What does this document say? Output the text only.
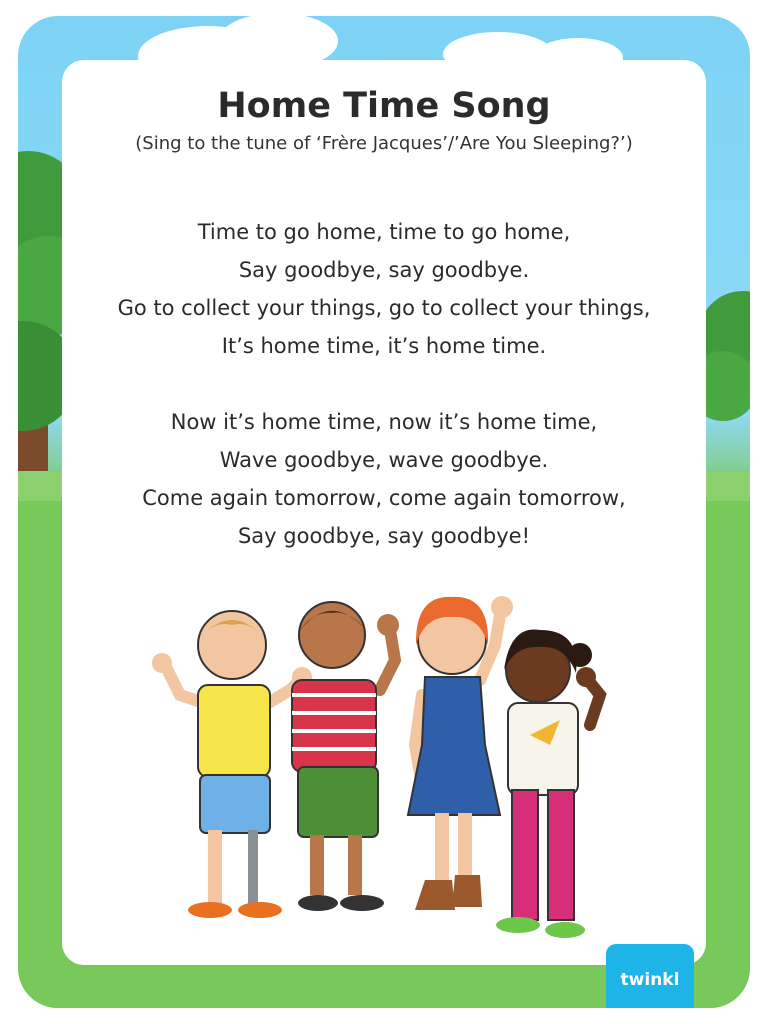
Home Time Song
(Sing to the tune of ‘Frère Jacques’/’Are You Sleeping?’)
Time to go home, time to go home,
Say goodbye, say goodbye.
Go to collect your things, go to collect your things,
It’s home time, it’s home time.
Now it’s home time, now it’s home time,
Wave goodbye, wave goodbye.
Come again tomorrow, come again tomorrow,
Say goodbye, say goodbye!
twinkl
